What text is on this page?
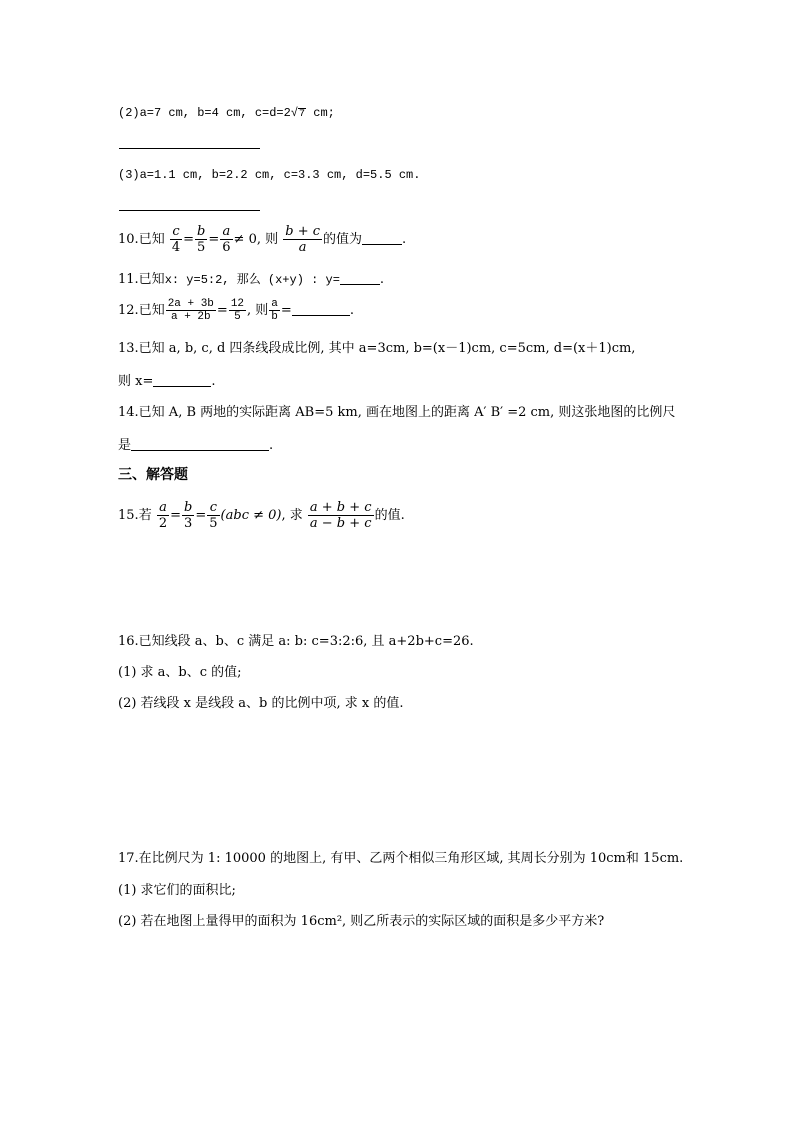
(2)a=7 cm, b=4 cm, c=d=2√7 cm;
(3)a=1.1 cm, b=2.2 cm, c=3.3 cm, d=5.5 cm.
10.已知 $\frac{c}{4} = \frac{b}{5} = \frac{a}{6} \ne 0$, 则 $\frac{b + c}{a}$ 的值为	.
11.已知x: y=5:2, 那么 (x+y) : y=	.
12.已知 $\frac{2a + 3b}{a + 2b} = \frac{12}{5}$ , 则 $\frac{a}{b}$ =	.
13.已知 a, b, c, d 四条线段成比例, 其中 a=3cm, b=(x－1)cm, c=5cm, d=(x＋1)cm,
则 x=	.
14.已知 A, B 两地的实际距离 AB=5 km, 画在地图上的距离 A′ B′ =2 cm, 则这张地图的比例尺
是	.
三、解答题
15.若 $\frac{a}{2} = \frac{b}{3} = \frac{c}{5} (abc \ne 0)$, 求 $\frac{a + b + c}{a - b + c}$ 的值.
16.已知线段 a、b、c 满足 a: b: c=3:2:6, 且 a+2b+c=26.
(1) 求 a、b、c 的值;
(2) 若线段 x 是线段 a、b 的比例中项, 求 x 的值.
17.在比例尺为 1: 10000 的地图上, 有甲、乙两个相似三角形区域, 其周长分别为 10cm和 15cm.
(1) 求它们的面积比;
(2) 若在地图上量得甲的面积为 16cm², 则乙所表示的实际区域的面积是多少平方米?
